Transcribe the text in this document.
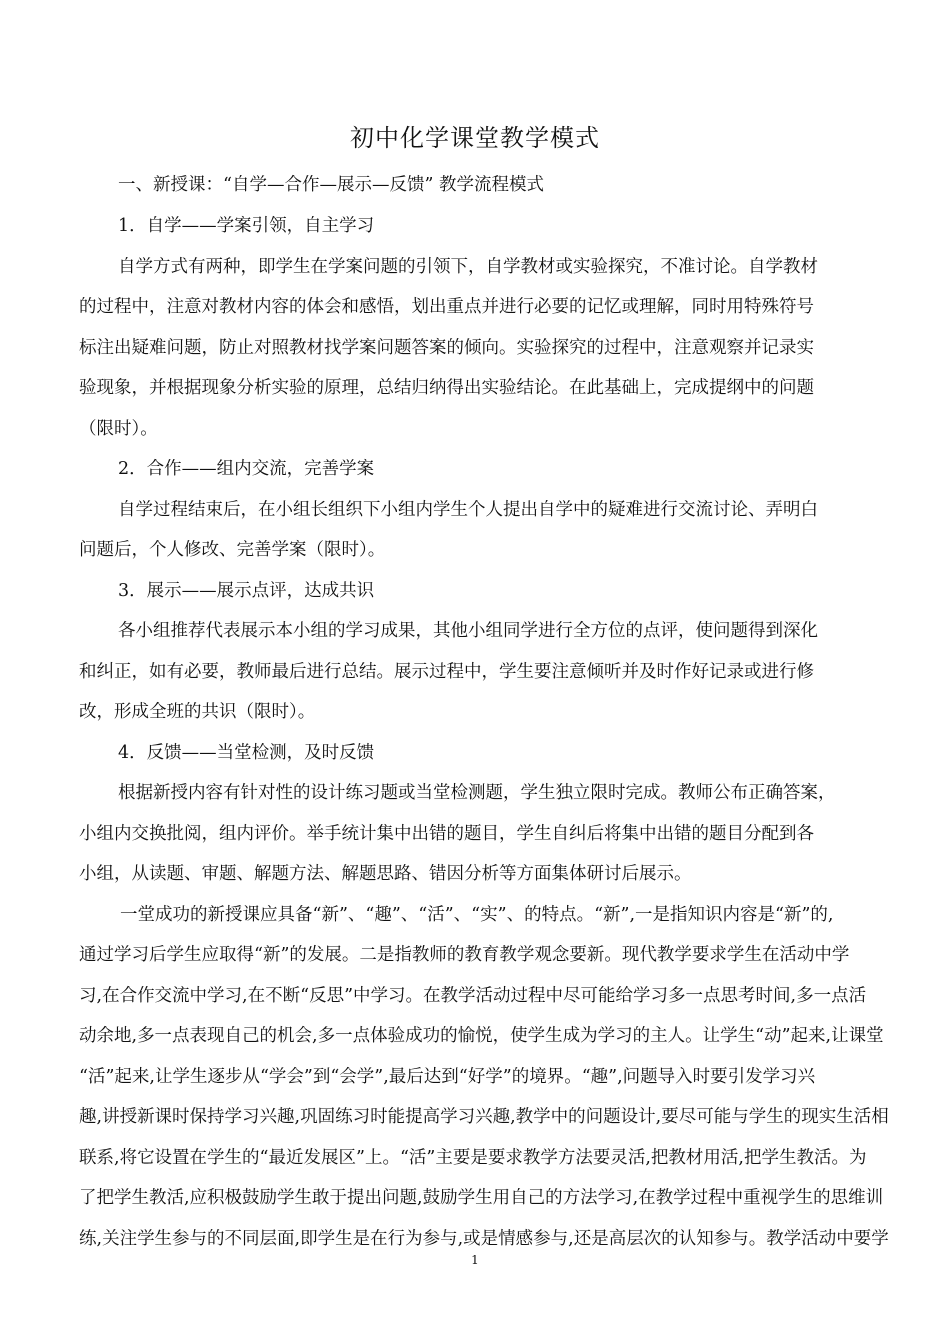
初中化学课堂教学模式
一、新授课：“自学—合作—展示—反馈” 教学流程模式
1．自学——学案引领，自主学习
自学方式有两种，即学生在学案问题的引领下，自学教材或实验探究，不准讨论。自学教材
的过程中，注意对教材内容的体会和感悟，划出重点并进行必要的记忆或理解，同时用特殊符号
标注出疑难问题，防止对照教材找学案问题答案的倾向。实验探究的过程中，注意观察并记录实
验现象，并根据现象分析实验的原理，总结归纳得出实验结论。在此基础上，完成提纲中的问题
（限时）。
2．合作——组内交流，完善学案
自学过程结束后，在小组长组织下小组内学生个人提出自学中的疑难进行交流讨论、弄明白
问题后，个人修改、完善学案（限时）。
3．展示——展示点评，达成共识
各小组推荐代表展示本小组的学习成果，其他小组同学进行全方位的点评，使问题得到深化
和纠正，如有必要，教师最后进行总结。展示过程中，学生要注意倾听并及时作好记录或进行修
改，形成全班的共识（限时）。
4．反馈——当堂检测，及时反馈
根据新授内容有针对性的设计练习题或当堂检测题，学生独立限时完成。教师公布正确答案，
小组内交换批阅，组内评价。举手统计集中出错的题目，学生自纠后将集中出错的题目分配到各
小组，从读题、审题、解题方法、解题思路、错因分析等方面集体研讨后展示。
一堂成功的新授课应具备“新”、“趣”、“活”、“实”、的特点。“新”,一是指知识内容是“新”的,
通过学习后学生应取得“新”的发展。二是指教师的教育教学观念要新。现代教学要求学生在活动中学
习,在合作交流中学习,在不断“反思”中学习。在教学活动过程中尽可能给学习多一点思考时间,多一点活
动余地,多一点表现自己的机会,多一点体验成功的愉悦，使学生成为学习的主人。让学生“动”起来,让课堂
“活”起来,让学生逐步从“学会”到“会学”,最后达到“好学”的境界。“趣”,问题导入时要引发学习兴
趣,讲授新课时保持学习兴趣,巩固练习时能提高学习兴趣,教学中的问题设计,要尽可能与学生的现实生活相
联系,将它设置在学生的“最近发展区”上。“活”主要是要求教学方法要灵活,把教材用活,把学生教活。为
了把学生教活,应积极鼓励学生敢于提出问题,鼓励学生用自己的方法学习,在教学过程中重视学生的思维训
练,关注学生参与的不同层面,即学生是在行为参与,或是情感参与,还是高层次的认知参与。教学活动中要学
1
